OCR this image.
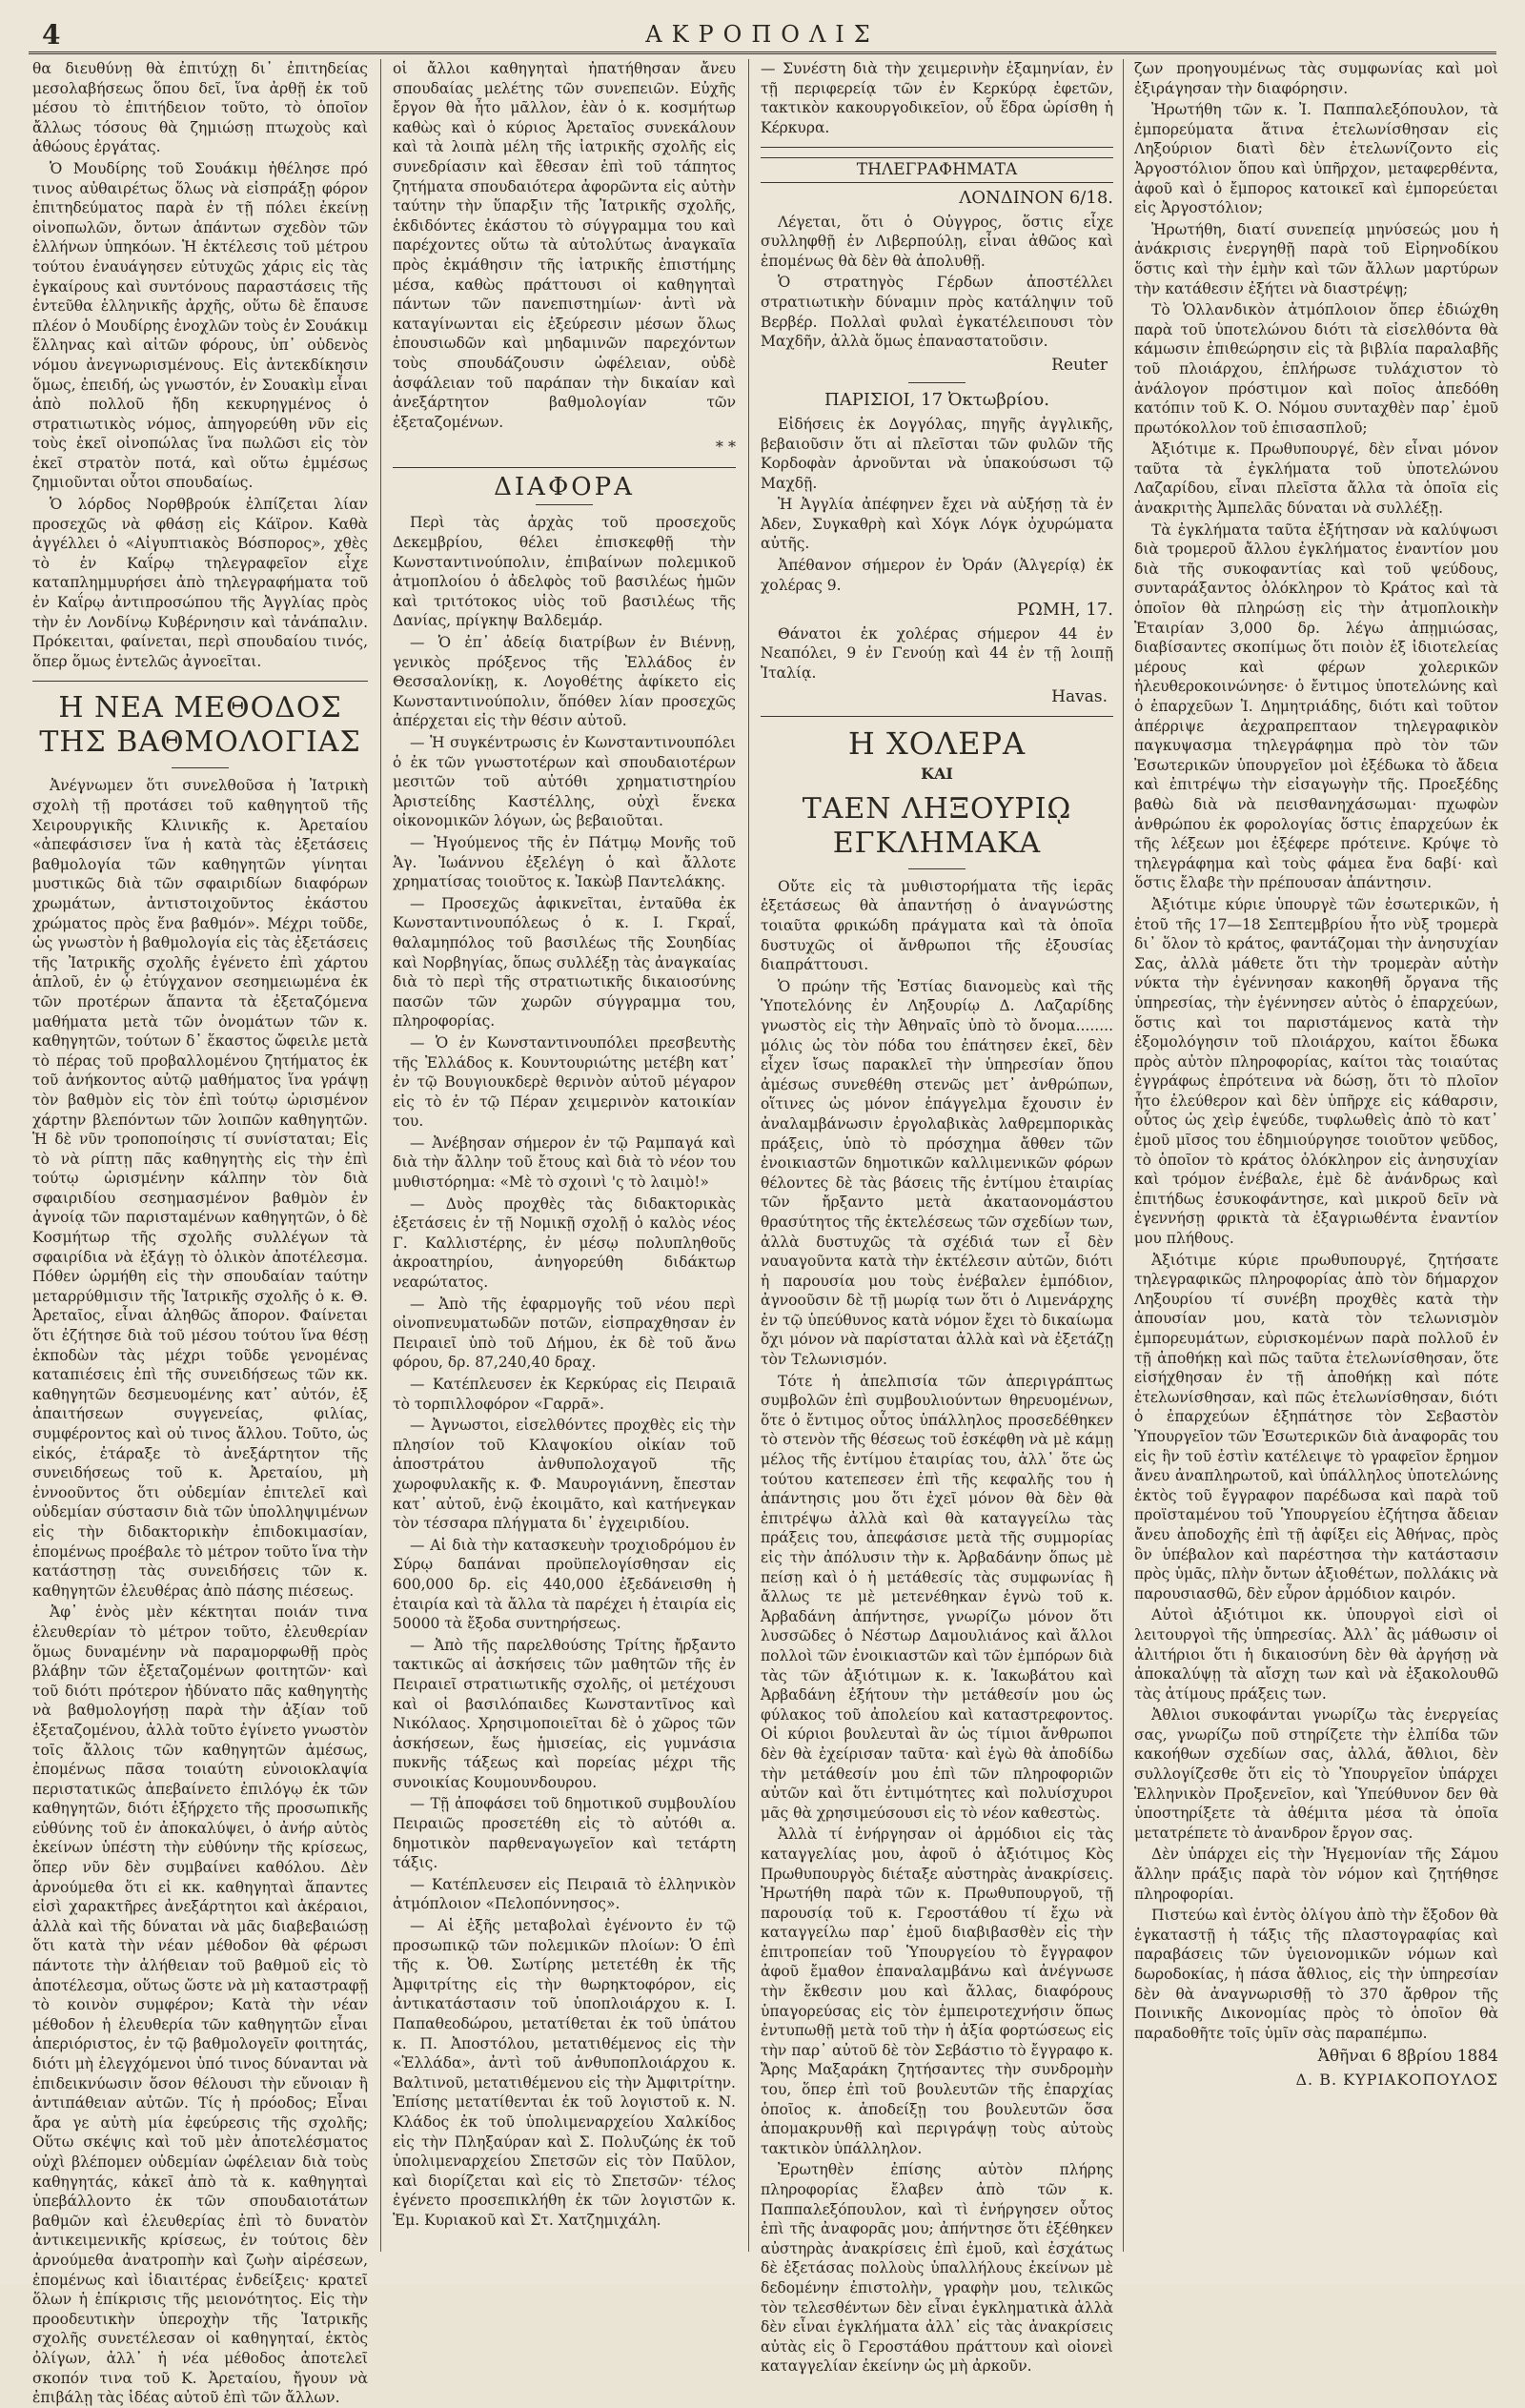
4	ΑΚΡΟΠΟΛΙΣ

θα διευθύνῃ θὰ ἐπιτύχῃ δι᾽ ἐπιτηδείας μεσολαβήσεως ὅπου δεῖ, ἵνα ἀρθῇ ἐκ τοῦ μέσου τὸ ἐπιτήδειον τοῦτο, τὸ ὁποῖον ἄλλως τόσους θὰ ζημιώσῃ πτωχοὺς καὶ ἀθώους ἐργάτας.

Ὁ Μουδίρης τοῦ Σουάκιμ ἠθέλησε πρό τινος αὐθαιρέτως ὅλως νὰ εἰσπράξῃ φόρον ἐπιτηδεύματος παρὰ ἐν τῇ πόλει ἐκείνῃ οἰνοπωλῶν, ὄντων ἁπάντων σχεδὸν τῶν ἑλλήνων ὑπηκόων. Ἡ ἐκτέλεσις τοῦ μέτρου τούτου ἐναυάγησεν εὐτυχῶς χάρις εἰς τὰς ἐγκαίρους καὶ συντόνους παραστάσεις τῆς ἐντεῦθα ἑλληνικῆς ἀρχῆς, οὕτω δὲ ἔπαυσε πλέον ὁ Μουδίρης ἐνοχλῶν τοὺς ἐν Σουάκιμ ἕλληνας καὶ αἰτῶν φόρους, ὑπ᾽ οὐδενὸς νόμου ἀνεγνωρισμένους. Εἰς ἀντεκδίκησιν ὅμως, ἐπειδή, ὡς γνωστόν, ἐν Σουακὶμ εἶναι ἀπὸ πολλοῦ ἤδη κεκυρηγμένος ὁ στρατιωτικὸς νόμος, ἀπηγορεύθη νῦν εἰς τοὺς ἐκεῖ οἰνοπώλας ἵνα πωλῶσι εἰς τὸν ἐκεῖ στρατὸν ποτά, καὶ οὕτω ἐμμέσως ζημιοῦνται οὗτοι σπουδαίως.

Ὁ λόρδος Νορθβρούκ ἐλπίζεται λίαν προσεχῶς νὰ φθάσῃ εἰς Κάϊρον. Καθὰ ἀγγέλλει ὁ «Αἰγυπτιακὸς Βόσπορος», χθὲς τὸ ἐν Καΐρῳ τηλεγραφεῖον εἶχε καταπλημμυρήσει ἀπὸ τηλεγραφήματα τοῦ ἐν Καΐρῳ ἀντιπροσώπου τῆς Ἀγγλίας πρὸς τὴν ἐν Λονδίνῳ Κυβέρνησιν καὶ τἀνάπαλιν. Πρόκειται, φαίνεται, περὶ σπουδαίου τινός, ὅπερ ὅμως ἐντελῶς ἀγνοεῖται.

Η ΝΕΑ ΜΕΘΟΔΟΣ ΤΗΣ ΒΑΘΜΟΛΟΓΙΑΣ

Ἀνέγνωμεν ὅτι συνελθοῦσα ἡ Ἰατρικὴ σχολὴ τῇ προτάσει τοῦ καθηγητοῦ τῆς Χειρουργικῆς Κλινικῆς κ. Ἀρεταίου «ἀπεφάσισεν ἵνα ἡ κατὰ τὰς ἐξετάσεις βαθμολογία τῶν καθηγητῶν γίνηται μυστικῶς διὰ τῶν σφαιριδίων διαφόρων χρωμάτων, ἀντιστοιχοῦντος ἑκάστου χρώματος πρὸς ἕνα βαθμόν». Μέχρι τοῦδε, ὡς γνωστὸν ἡ βαθμολογία εἰς τὰς ἐξετάσεις τῆς Ἰατρικῆς σχολῆς ἐγένετο ἐπὶ χάρτου ἁπλοῦ, ἐν ᾧ ἐτύγχανον σεσημειωμένα ἐκ τῶν προτέρων ἅπαντα τὰ ἐξεταζόμενα μαθήματα μετὰ τῶν ὀνομάτων τῶν κ. καθηγητῶν, τούτων δ᾽ ἕκαστος ὤφειλε μετὰ τὸ πέρας τοῦ προβαλλομένου ζητήματος ἐκ τοῦ ἀνήκοντος αὐτῷ μαθήματος ἵνα γράψῃ τὸν βαθμὸν εἰς τὸν ἐπὶ τούτῳ ὡρισμένον χάρτην βλεπόντων τῶν λοιπῶν καθηγητῶν. Ἡ δὲ νῦν τροποποίησις τί συνίσταται; Εἰς τὸ νὰ ρίπτῃ πᾶς καθηγητὴς εἰς τὴν ἐπὶ τούτῳ ὡρισμένην κάλπην τὸν διὰ σφαιριδίου σεσημασμένον βαθμὸν ἐν ἀγνοίᾳ τῶν παρισταμένων καθηγητῶν, ὁ δὲ Κοσμήτωρ τῆς σχολῆς συλλέγων τὰ σφαιρίδια νὰ ἐξάγῃ τὸ ὁλικὸν ἀποτέλεσμα. Πόθεν ὡρμήθη εἰς τὴν σπουδαίαν ταύτην μεταρρύθμισιν τῆς Ἰατρικῆς σχολῆς ὁ κ. Θ. Ἀρεταῖος, εἶναι ἀληθῶς ἄπορον. Φαίνεται ὅτι ἐζήτησε διὰ τοῦ μέσου τούτου ἵνα θέσῃ ἐκποδὼν τὰς μέχρι τοῦδε γενομένας καταπιέσεις ἐπὶ τῆς συνειδήσεως τῶν κκ. καθηγητῶν δεσμευομένης κατ᾽ αὐτόν, ἐξ ἀπαιτήσεων συγγενείας, φιλίας, συμφέροντος καὶ οὐ τινος ἄλλου. Τοῦτο, ὡς εἰκός, ἐτάραξε τὸ ἀνεξάρτητον τῆς συνειδήσεως τοῦ κ. Ἀρεταίου, μὴ ἐννοοῦντος ὅτι οὐδεμίαν ἐπιτελεῖ καὶ οὐδεμίαν σύστασιν διὰ τῶν ὑπολληψιμένων εἰς τὴν διδακτορικὴν ἐπιδοκιμασίαν, ἐπομένως προέβαλε τὸ μέτρον τοῦτο ἵνα τὴν κατάστησῃ τὰς συνειδήσεις τῶν κ. καθηγητῶν ἐλευθέρας ἀπὸ πάσης πιέσεως.

Ἀφ᾽ ἑνὸς μὲν κέκτηται ποιάν τινα ἐλευθερίαν τὸ μέτρον τοῦτο, ἐλευθερίαν ὅμως δυναμένην νὰ παραμορφωθῇ πρὸς βλάβην τῶν ἐξεταζομένων φοιτητῶν· καὶ τοῦ διότι πρότερον ἠδύνατο πᾶς καθηγητὴς νὰ βαθμολογήσῃ παρὰ τὴν ἀξίαν τοῦ ἐξεταζομένου, ἀλλὰ τοῦτο ἐγίνετο γνωστὸν τοῖς ἄλλοις τῶν καθηγητῶν ἀμέσως, ἐπομένως πᾶσα τοιαύτη εὐνοιοκλαψία περιστατικῶς ἀπεβαίνετο ἐπιλόγῳ ἐκ τῶν καθηγητῶν, διότι ἐξήρχετο τῆς προσωπικῆς εὐθύνης τοῦ ἐν ἀποκαλύψει, ὁ ἀνήρ αὐτὸς ἐκείνων ὑπέστη τὴν εὐθύνην τῆς κρίσεως, ὅπερ νῦν δὲν συμβαίνει καθόλου. Δὲν ἀρνούμεθα ὅτι εἰ κκ. καθηγηταὶ ἅπαντες εἰσὶ χαρακτῆρες ἀνεξάρτητοι καὶ ἀκέραιοι, ἀλλὰ καὶ τῆς δύναται νὰ μᾶς διαβεβαιώσῃ ὅτι κατὰ τὴν νέαν μέθοδον θὰ φέρωσι πάντοτε τὴν ἀλήθειαν τοῦ βαθμοῦ εἰς τὸ ἀποτέλεσμα, οὕτως ὥστε νὰ μὴ καταστραφῇ τὸ κοινὸν συμφέρον; Κατὰ τὴν νέαν μέθοδον ἡ ἐλευθερία τῶν καθηγητῶν εἶναι ἀπεριόριστος, ἐν τῷ βαθμολογεῖν φοιτητάς, διότι μὴ ἐλεγχόμενοι ὑπό τινος δύνανται νὰ ἐπιδεικνύωσιν ὅσον θέλουσι τὴν εὔνοιαν ἢ ἀντιπάθειαν αὐτῶν. Τίς ἡ πρόοδος; Εἶναι ἄρα γε αὐτὴ μία ἐφεύρεσις τῆς σχολῆς; Οὕτω σκέψις καὶ τοῦ μὲν ἀποτελέσματος οὐχὶ βλέπομεν οὐδεμίαν ὠφέλειαν διὰ τοὺς καθηγητάς, κἀκεῖ ἀπὸ τὰ κ. καθηγηταὶ ὑπεβάλλοντο ἐκ τῶν σπουδαιοτάτων βαθμῶν καὶ ἐλευθερίας ἐπὶ τὸ δυνατὸν ἀντικειμενικῆς κρίσεως, ἐν τούτοις δὲν ἀρνούμεθα ἀνατροπὴν καὶ ζωὴν αἱρέσεων, ἐπομένως καὶ ἰδιαιτέρας ἐνδείξεις· κρατεῖ ὅλων ἡ ἐπίκρισις τῆς μειονότητος. Εἰς τὴν προοδευτικὴν ὑπεροχὴν τῆς Ἰατρικῆς σχολῆς συνετέλεσαν οἱ καθηγηταί, ἐκτὸς ὀλίγων, ἀλλ᾽ ἡ νέα μέθοδος ἀποτελεῖ σκοπόν τινα τοῦ Κ. Ἀρεταίου, ἤγουν νὰ ἐπιβάλῃ τὰς ἰδέας αὐτοῦ ἐπὶ τῶν ἄλλων.

οἱ ἄλλοι καθηγηταὶ ἠπατήθησαν ἄνευ σπουδαίας μελέτης τῶν συνεπειῶν. Εὐχῆς ἔργον θὰ ἦτο μᾶλλον, ἐὰν ὁ κ. κοσμήτωρ καθὼς καὶ ὁ κύριος Ἀρεταῖος συνεκάλουν καὶ τὰ λοιπὰ μέλη τῆς ἰατρικῆς σχολῆς εἰς συνεδρίασιν καὶ ἔθεσαν ἐπὶ τοῦ τάπητος ζητήματα σπουδαιότερα ἀφορῶντα εἰς αὐτὴν ταύτην τὴν ὕπαρξιν τῆς Ἰατρικῆς σχολῆς, ἐκδιδόντες ἐκάστου τὸ σύγγραμμα του καὶ παρέχοντες οὕτω τὰ αὐτολύτως ἀναγκαῖα πρὸς ἐκμάθησιν τῆς ἰατρικῆς ἐπιστήμης μέσα, καθὼς πράττουσι οἱ καθηγηταὶ πάντων τῶν πανεπιστημίων· ἀντὶ νὰ καταγίνωνται εἰς ἐξεύρεσιν μέσων ὅλως ἐπουσιωδῶν καὶ μηδαμινῶν παρεχόντων τοὺς σπουδάζουσιν ὠφέλειαν, οὐδὲ ἀσφάλειαν τοῦ παράπαν τὴν δικαίαν καὶ ἀνεξάρτητον βαθμολογίαν τῶν ἐξεταζομένων.

* *
ΔΙΑΦΟΡΑ

Περὶ τὰς ἀρχὰς τοῦ προσεχοῦς Δεκεμβρίου, θέλει ἐπισκεφθῇ τὴν Κωνσταντινούπολιν, ἐπιβαίνων πολεμικοῦ ἀτμοπλοίου ὁ ἀδελφὸς τοῦ βασιλέως ἡμῶν καὶ τριτότοκος υἱὸς τοῦ βασιλέως τῆς Δανίας, πρίγκηψ Βαλδεμάρ.

— Ὁ ἐπ᾽ ἀδείᾳ διατρίβων ἐν Βιέννῃ, γενικὸς πρόξενος τῆς Ἑλλάδος ἐν Θεσσαλονίκῃ, κ. Λογοθέτης ἀφίκετο εἰς Κωνσταντινούπολιν, ὅπόθεν λίαν προσεχῶς ἀπέρχεται εἰς τὴν θέσιν αὐτοῦ.

— Ἡ συγκέντρωσις ἐν Κωνσταντινουπόλει ὁ ἐκ τῶν γνωστοτέρων καὶ σπουδαιοτέρων μεσιτῶν τοῦ αὐτόθι χρηματιστηρίου Ἀριστείδης Καστέλλης, οὐχὶ ἕνεκα οἰκονομικῶν λόγων, ὡς βεβαιοῦται.

— Ἡγούμενος τῆς ἐν Πάτμῳ Μονῆς τοῦ Ἁγ. Ἰωάννου ἐξελέγη ὁ καὶ ἄλλοτε χρηματίσας τοιοῦτος κ. Ἰακὼβ Παντελάκης.

— Προσεχῶς ἀφικνεῖται, ἐνταῦθα ἐκ Κωνσταντινουπόλεως ὁ κ. Ι. Γκραΐ, θαλαμηπόλος τοῦ βασιλέως τῆς Σουηδίας καὶ Νορβηγίας, ὅπως συλλέξῃ τὰς ἀναγκαίας διὰ τὸ περὶ τῆς στρατιωτικῆς δικαιοσύνης πασῶν τῶν χωρῶν σύγγραμμα του, πληροφορίας.

— Ὁ ἐν Κωνσταντινουπόλει πρεσβευτὴς τῆς Ἑλλάδος κ. Κουντουριώτης μετέβη κατ᾽ ἐν τῷ Βουγιουκδερὲ θερινὸν αὐτοῦ μέγαρον εἰς τὸ ἐν τῷ Πέραν χειμερινὸν κατοικίαν του.

— Ἀνέβησαν σήμερον ἐν τῷ Ραμπαγά καὶ διὰ τὴν ἄλλην τοῦ ἔτους καὶ διὰ τὸ νέον του μυθιστόρημα: «Μὲ τὸ σχοινὶ 'ς τὸ λαιμὸ!»

— Δυὸς προχθὲς τὰς διδακτορικὰς ἐξετάσεις ἐν τῇ Νομικῇ σχολῇ ὁ καλὸς νέος Γ. Καλλιστέρης, ἐν μέσῳ πολυπληθοῦς ἀκροατηρίου, ἀνηγορεύθη διδάκτωρ νεαρώτατος.

— Ἀπὸ τῆς ἐφαρμογῆς τοῦ νέου περὶ οἰνοπνευματωδῶν ποτῶν, εἰσπραχθησαν ἐν Πειραιεῖ ὑπὸ τοῦ Δήμου, ἐκ δὲ τοῦ ἄνω φόρου, δρ. 87,240,40 δραχ.

— Κατέπλευσεν ἐκ Κερκύρας εἰς Πειραιᾶ τὸ τορπιλλοφόρον «Γαρρᾶ».

— Ἀγνωστοι, εἰσελθόντες προχθὲς εἰς τὴν πλησίον τοῦ Κλαψοκίου οἰκίαν τοῦ ἀποστράτου ἀνθυπολοχαγοῦ τῆς χωροφυλακῆς κ. Φ. Μαυρογιάννη, ἔπεσταν κατ᾽ αὐτοῦ, ἐνῷ ἐκοιμᾶτο, καὶ κατήνεγκαν τὸν τέσσαρα πλήγματα δι᾽ ἐγχειριδίου.

— Αἱ διὰ τὴν κατασκευὴν τροχιοδρόμου ἐν Σύρῳ δαπάναι προϋπελογίσθησαν εἰς 600,000 δρ. εἰς 440,000 ἐξεδάνεισθη ἡ ἐταιρία καὶ τὰ ἄλλα τὰ παρέχει ἡ ἐταιρία εἰς 50000 τὰ ἔξοδα συντηρήσεως.

— Ἀπὸ τῆς παρελθούσης Τρίτης ἤρξαντο τακτικῶς αἱ ἀσκήσεις τῶν μαθητῶν τῆς ἐν Πειραιεῖ στρατιωτικῆς σχολῆς, οἱ μετέχουσι καὶ οἱ βασιλόπαιδες Κωνσταντῖνος καὶ Νικόλαος. Χρησιμοποιεῖται δὲ ὁ χῶρος τῶν ἀσκήσεων, ἕως ἡμισείας, εἰς γυμνάσια πυκνῆς τάξεως καὶ πορείας μέχρι τῆς συνοικίας Κουμουνδουρου.

— Τῇ ἀποφάσει τοῦ δημοτικοῦ συμβουλίου Πειραιῶς προσετέθη εἰς τὸ αὐτόθι α. δημοτικὸν παρθεναγωγεῖον καὶ τετάρτη τάξις.

— Κατέπλευσεν εἰς Πειραιᾶ τὸ ἑλληνικὸν ἀτμόπλοιον «Πελοπόννησος».

— Αἱ ἑξῆς μεταβολαὶ ἐγένοντο ἐν τῷ προσωπικῷ τῶν πολεμικῶν πλοίων: Ὁ ἐπὶ τῆς κ. Ὀθ. Σωτίρης μετετέθη ἐκ τῆς Ἀμφιτρίτης εἰς τὴν θωρηκτοφόρον, εἰς ἀντικατάστασιν τοῦ ὑποπλοιάρχου κ. Ι. Παπαθεοδώρου, μετατίθεται ἐκ τοῦ ὑπάτου κ. Π. Ἀποστόλου, μετατιθέμενος εἰς τὴν «Ἑλλάδα», ἀντὶ τοῦ ἀνθυποπλοιάρχου κ. Βαλτινοῦ, μετατιθέμενου εἰς τὴν Ἀμφιτρίτην. Ἐπίσης μετατίθενται ἐκ τοῦ λογιστοῦ κ. Ν. Κλάδος ἐκ τοῦ ὑπολιμεναρχείου Χαλκίδος εἰς τὴν Πληξαύραν καὶ Σ. Πολυζώης ἐκ τοῦ ὑπολιμεναρχείου Σπετσῶν εἰς τὸν Παῦλον, καὶ διορίζεται καὶ εἰς τὸ Σπετσῶν· τέλος ἐγένετο προσεπικλήθη ἐκ τῶν λογιστῶν κ. Ἐμ. Κυριακοῦ καὶ Στ. Χατζημιχάλη.

— Συνέστη διὰ τὴν χειμερινὴν ἑξαμηνίαν, ἐν τῇ περιφερείᾳ τῶν ἐν Κερκύρᾳ ἐφετῶν, τακτικὸν κακουργοδικεῖον, οὗ ἕδρα ὡρίσθη ἡ Κέρκυρα.

ΤΗΛΕΓΡΑΦΗΜΑΤΑ
ΛΟΝΔΙΝΟΝ 6/18.

Λέγεται, ὅτι ὁ Οὐγγρος, ὅστις εἶχε συλληφθῇ ἐν Λιβερπούλῃ, εἶναι ἀθῶος καὶ ἐπομένως θὰ δὲν θὰ ἀπολυθῇ.

Ὁ στρατηγὸς Γέρδων ἀποστέλλει στρατιωτικὴν δύναμιν πρὸς κατάληψιν τοῦ Βερβέρ. Πολλαὶ φυλαὶ ἐγκατέλειπουσι τὸν Μαχδῆν, ἀλλὰ ὅμως ἐπαναστατοῦσιν.

Reuter
ΠΑΡΙΣΙΟΙ, 17 Ὀκτωβρίου.

Εἰδήσεις ἐκ Δογγόλας, πηγῆς ἀγγλικῆς, βεβαιοῦσιν ὅτι αἱ πλεῖσται τῶν φυλῶν τῆς Κορδοφὰν ἀρνοῦνται νὰ ὑπακούσωσι τῷ Μαχδῇ.

Ἡ Ἀγγλία ἀπέφηνεν ἔχει νὰ αὐξήσῃ τὰ ἐν Ἀδεν, Συγκαθρὴ καὶ Χόγκ Λόγκ ὀχυρώματα αὐτῆς.

Ἀπέθανον σήμερον ἐν Ὀράν (Ἀλγερίᾳ) ἐκ χολέρας 9.

ΡΩΜΗ, 17.

Θάνατοι ἐκ χολέρας σήμερον 44 ἐν Νεαπόλει, 9 ἐν Γενούῃ καὶ 44 ἐν τῇ λοιπῇ Ἰταλίᾳ.

Havas.
Η ΧΟΛΕΡΑ
ΚΑΙ
ΤΑΕΝ ΛΗΞΟΥΡΙῼ ΕΓΚΛΗΜΑΚΑ

Οὔτε εἰς τὰ μυθιστορήματα τῆς ἱερᾶς ἐξετάσεως θὰ ἀπαντήσῃ ὁ ἀναγνώστης τοιαῦτα φρικώδη πράγματα καὶ τὰ ὁποῖα δυστυχῶς οἱ ἄνθρωποι τῆς ἐξουσίας διαπράττουσι.

Ὁ πρώην τῆς Ἑστίας διανομεὺς καὶ τῆς Ὑποτελόνης ἐν Ληξουρίῳ Δ. Λαζαρίδης γνωστὸς εἰς τὴν Ἀθηναῖς ὑπὸ τὸ ὄνομα........ μόλις ὡς τὸν πόδα του ἐπάτησεν ἐκεῖ, δὲν εἶχεν ἴσως παρακλεῖ τὴν ὑπηρεσίαν ὅπου ἀμέσως συνεθέθη στενῶς μετ᾽ ἀνθρώπων, οἵτινες ὡς μόνον ἐπάγγελμα ἔχουσιν ἐν ἀναλαμβάνωσιν ἐργολαβικὰς λαθρεμπορικὰς πράξεις, ὑπὸ τὸ πρόσχημα ἄθθεν τῶν ἐνοικιαστῶν δημοτικῶν καλλιμενικῶν φόρων θέλοντες δὲ τὰς βάσεις τῆς ἐντίμου ἑταιρίας τῶν ἤρξαντο μετὰ ἀκαταονομάστου θρασύτητος τῆς ἐκτελέσεως τῶν σχεδίων των, ἀλλὰ δυστυχῶς τὰ σχέδιά των εἶ δὲν ναυαγοῦντα κατὰ τὴν ἐκτέλεσιν αὐτῶν, διότι ἡ παρουσία μου τοὺς ἐνέβαλεν ἐμπόδιον, ἀγνοοῦσιν δὲ τῇ μωρίᾳ των ὅτι ὁ Λιμενάρχης ἐν τῷ ὑπεύθυνος κατὰ νόμον ἔχει τὸ δικαίωμα ὄχι μόνον νὰ παρίσταται ἀλλὰ καὶ νὰ ἐξετάζῃ τὸν Τελωνισμόν.

Τότε ἡ ἀπελπισία τῶν ἀπεριγράπτως συμβολῶν ἐπὶ συμβουλιούντων θηρευομένων, ὅτε ὁ ἔντιμος οὗτος ὑπάλληλος προσεδέθηκεν τὸ στενὸν τῆς θέσεως τοῦ ἐσκέφθη νὰ μὲ κάμῃ μέλος τῆς ἐντίμου ἑταιρίας του, ἀλλ᾽ ὅτε ὡς τούτου κατεπεσεν ἐπὶ τῆς κεφαλῆς του ἡ ἀπάντησις μου ὅτι ἐχεῖ μόνον θὰ δὲν θὰ ἐπιτρέψω ἀλλὰ καὶ θὰ καταγγείλω τὰς πράξεις του, ἀπεφάσισε μετὰ τῆς συμμορίας εἰς τὴν ἀπόλυσιν τὴν κ. Ἀρβαδάνην ὅπως μὲ πείσῃ καὶ ὁ ἡ μετάθεσίς τὰς συμφωνίας ἢ ἄλλως τε μὲ μετενέθηκαν ἐγνὼ τοῦ κ. Ἀρβαδάνη ἀπήντησε, γνωρίζω μόνον ὅτι λυσσῶδες ὁ Νέστωρ Δαμουλιάνος καὶ ἄλλοι πολλοὶ τῶν ἐνοικιαστῶν καὶ τῶν ἐμπόρων διὰ τὰς τῶν ἀξιότιμων κ. κ. Ἰακωβάτου καὶ Ἀρβαδάνη ἐξήτουν τὴν μετάθεσίν μου ὡς φύλακος τοῦ ἀπολείου καὶ καταστρεφοντος. Οἱ κύριοι βουλευταὶ ἂν ὡς τίμιοι ἄνθρωποι δὲν θὰ ἐχείρισαν ταῦτα· καὶ ἐγὼ θὰ ἀποδίδω τὴν μετάθεσίν μου ἐπὶ τῶν πληροφοριῶν αὐτῶν καὶ ὅτι ἐντιμότητες καὶ πολυίσχυροι μᾶς θὰ χρησιμεύσουσι εἰς τὸ νέον καθεστὼς.

Ἀλλὰ τί ἐνήργησαν οἱ ἁρμόδιοι εἰς τὰς καταγγελίας μου, ἀφοῦ ὁ ἀξιότιμος Κὸς Πρωθυπουργὸς διέταξε αὐστηρὰς ἀνακρίσεις. Ἠρωτήθη παρὰ τῶν κ. Πρωθυπουργοῦ, τῇ παρουσίᾳ τοῦ κ. Γεροστάθου τί ἔχω νὰ καταγγείλω παρ᾽ ἐμοῦ διαβιβασθὲν εἰς τὴν ἐπιτροπείαν τοῦ Ὑπουργείου τὸ ἔγγραφον ἀφοῦ ἔμαθον ἐπαναλαμβάνω καὶ ἀνέγνωσε τὴν ἔκθεσιν μου καὶ ἄλλας, διαφόρους ὑπαγορεύσας εἰς τὸν ἐμπειροτεχνήσιν ὅπως ἐντυπωθῇ μετὰ τοῦ τὴν ἡ ἀξία φορτώσεως εἰς τὴν παρ᾽ αὐτοῦ δὲ τὸν Σεβάστιο τὸ ἔγγραφο κ. Ἄρης Μαξαράκη ζητήσαντες τὴν συνδρομὴν του, ὅπερ ἐπὶ τοῦ βουλευτῶν τῆς ἐπαρχίας ὁποῖος κ. ἀποδείξῃ του βουλευτῶν ὅσα ἀπομακρυνθῇ καὶ περιγράψῃ τοὺς αὐτοὺς τακτικὸν ὑπάλληλον.

Ἐρωτηθὲν ἐπίσης αὐτὸν πλήρης πληροφορίας ἔλαβεν ἀπὸ τῶν κ. Παππαλεξόπουλον, καὶ τὶ ἐνήργησεν οὗτος ἐπὶ τῆς ἀναφορᾶς μου; ἀπήντησε ὅτι ἐξέθηκεν αὐστηρὰς ἀνακρίσεις ἐπὶ ἐμοῦ, καὶ ἐσχάτως δὲ ἐξετάσας πολλοὺς ὑπαλλήλους ἐκείνων μὲ δεδομένην ἐπιστολὴν, γραφὴν μου, τελικῶς τὸν τελεσθέντων δὲν εἶναι ἐγκληματικὰ ἀλλὰ δὲν εἶναι ἐγκλήματα ἀλλ᾽ εἰς τὰς ἀνακρίσεις αὐτὰς εἰς ὃ Γεροστάθου πράττουν καὶ οἰονεὶ καταγγελίαν ἐκείνην ὡς μὴ ἀρκοῦν.

ζων προηγουμένως τὰς συμφωνίας καὶ μοὶ ἐξιράγησαν τὴν διαφόρησιν.

Ἠρωτήθη τῶν κ. Ἰ. Παππαλεξόπουλον, τὰ ἐμπορεύματα ἅτινα ἐτελωνίσθησαν εἰς Ληξούριον διατὶ δὲν ἐτελωνίζοντο εἰς Ἀργοστόλιον ὅπου καὶ ὑπῆρχον, μεταφερθέντα, ἀφοῦ καὶ ὁ ἔμπορος κατοικεῖ καὶ ἐμπορεύεται εἰς Ἀργοστόλιον;

Ἠρωτήθη, διατί συνεπείᾳ μηνύσεώς μου ἡ ἀνάκρισις ἐνεργηθῇ παρὰ τοῦ Εἰρηνοδίκου ὅστις καὶ τὴν ἐμὴν καὶ τῶν ἄλλων μαρτύρων τὴν κατάθεσιν ἐξήτει νὰ διαστρέψῃ;

Τὸ Ὁλλανδικὸν ἀτμόπλοιον ὅπερ ἐδιώχθη παρὰ τοῦ ὑποτελώνου διότι τὰ εἰσελθόντα θὰ κάμωσιν ἐπιθεώρησιν εἰς τὰ βιβλία παραλαβῆς τοῦ πλοιάρχου, ἐπλήρωσε τυλάχιστον τὸ ἀνάλογον πρόστιμον καὶ ποῖος ἀπεδόθη κατόπιν τοῦ Κ. Ο. Νόμου συνταχθὲν παρ᾽ ἐμοῦ πρωτόκολλον τοῦ ἐπισασπλοῦ;

Ἀξιότιμε κ. Πρωθυπουργέ, δὲν εἶναι μόνον ταῦτα τὰ ἐγκλήματα τοῦ ὑποτελώνου Λαζαρίδου, εἶναι πλεῖστα ἄλλα τὰ ὁποῖα εἰς ἀνακριτὴς Ἀμπελᾶς δύναται νὰ συλλέξῃ.

Τὰ ἐγκλήματα ταῦτα ἐξήτησαν νὰ καλύψωσι διὰ τρομεροῦ ἄλλου ἐγκλήματος ἐναντίον μου διὰ τῆς συκοφαντίας καὶ τοῦ ψεύδους, συνταράξαντος ὁλόκληρον τὸ Κράτος καὶ τὰ ὁποῖον θὰ πληρώσῃ εἰς τὴν ἀτμοπλοικὴν Ἑταιρίαν 3,000 δρ. λέγω ἀπῃμιώσας, διαβίσαντες σκοπίμως ὅτι ποιὸν ἐξ ἰδιοτελείας μέρους καὶ φέρων χολερικῶν ἠλευθεροκοινώνησε· ὁ ἔντιμος ὑποτελώνης καὶ ὁ ἐπαρχεῦων Ἰ. Δημητριάδης, διότι καὶ τοῦτον ἀπέρριψε ἀεχραπρεπταον τηλεγραφικὸν παγκυψασμα τηλεγράφημα πρὸ τὸν τῶν Ἐσωτερικῶν ὑπουργεῖον μοὶ ἐξέδωκα τὸ ἄδεια καὶ ἐπιτρέψω τὴν εἰσαγωγὴν τῆς. Προεξέδης βαθὼ διὰ νὰ πεισθανηχάσωμαι· πχωφὼν ἀνθρώπου ἐκ φορολογίας ὅστις ἐπαρχεύων ἐκ τῆς λέξεων μοι ἐξέφερε πρότεινε. Κρύψε τὸ τηλεγράφημα καὶ τοὺς φάμεα ἔνα δαβί· καὶ ὅστις ἔλαβε τὴν πρέπουσαν ἀπάντησιν.

Ἀξιότιμε κύριε ὑπουργὲ τῶν ἐσωτερικῶν, ἡ ἐτοῦ τῆς 17—18 Σεπτεμβρίου ἦτο νὺξ τρομερὰ δι᾽ ὅλον τὸ κράτος, φαντάζομαι τὴν ἀνησυχίαν Σας, ἀλλὰ μάθετε ὅτι τὴν τρομερὰν αὐτὴν νύκτα τὴν ἐγέννησαν κακοηθῆ ὄργανα τῆς ὑπηρεσίας, τὴν ἐγέννησεν αὐτὸς ὁ ἐπαρχεύων, ὅστις καὶ τοι παριστάμενος κατὰ τὴν ἐξομολόγησιν τοῦ πλοιάρχου, καίτοι ἔδωκα πρὸς αὐτὸν πληροφορίας, καίτοι τὰς τοιαύτας ἐγγράφως ἐπρότεινα νὰ δώσῃ, ὅτι τὸ πλοῖον ἦτο ἐλεύθερον καὶ δὲν ὑπῆρχε εἰς κάθαρσιν, οὗτος ὡς χεὶρ ἐψεύδε, τυφλωθεὶς ἀπὸ τὸ κατ᾽ ἐμοῦ μῖσος του ἐδημιούργησε τοιοῦτον ψεῦδος, τὸ ὁποῖον τὸ κράτος ὁλόκληρον εἰς ἀνησυχίαν καὶ τρόμον ἐνέβαλε, ἐμὲ δὲ ἀνάνδρως καὶ ἐπιτήδως ἐσυκοφάντησε, καὶ μικροῦ δεῖν νὰ ἐγεννήσῃ φρικτὰ τὰ ἐξαγριωθέντα ἐναντίον μου πλήθους.

Ἀξιότιμε κύριε πρωθυπουργέ, ζητήσατε τηλεγραφικῶς πληροφορίας ἀπὸ τὸν δήμαρχον Ληξουρίου τί συνέβη προχθὲς κατὰ τὴν ἀπουσίαν μου, κατὰ τὸν τελωνισμὸν ἐμπορευμάτων, εὑρισκομένων παρὰ πολλοῦ ἐν τῇ ἀποθήκῃ καὶ πῶς ταῦτα ἐτελωνίσθησαν, ὅτε εἰσήχθησαν ἐν τῇ ἀποθήκῃ καὶ πότε ἐτελωνίσθησαν, καὶ πῶς ἐτελωνίσθησαν, διότι ὁ ἐπαρχεύων ἐξηπάτησε τὸν Σεβαστὸν Ὑπουργεῖον τῶν Ἐσωτερικῶν διὰ ἀναφορᾶς του εἰς ἣν τοῦ ἐστὶν κατέλειψε τὸ γραφεῖον ἔρημον ἄνευ ἀναπληρωτοῦ, καὶ ὑπάλληλος ὑποτελώνης ἐκτὸς τοῦ ἔγγραφον παρέδωσα καὶ παρὰ τοῦ προϊσταμένου τοῦ Ὑπουργείου ἐζήτησα ἄδειαν ἄνευ ἀποδοχῆς ἐπὶ τῇ ἀφίξει εἰς Ἀθήνας, πρὸς ὃν ὑπέβαλον καὶ παρέστησα τὴν κατάστασιν πρὸς ὑμᾶς, πλὴν ὄντων ἀξιοθέτων, πολλάκις νὰ παρουσιασθῶ, δὲν εὗρον ἁρμόδιον καιρόν.

Αὐτοὶ ἀξιότιμοι κκ. ὑπουργοὶ εἰσὶ οἱ λειτουργοὶ τῆς ὑπηρεσίας. Ἀλλ᾽ ἂς μάθωσιν οἱ ἀλιτήριοι ὅτι ἡ δικαιοσύνη δὲν θὰ ἀργήσῃ νὰ ἀποκαλύψῃ τὰ αἴσχη των καὶ νὰ ἐξακολουθῶ τὰς ἀτίμους πράξεις των.

Ἀθλιοι συκοφάνται γνωρίζω τὰς ἐνεργείας σας, γνωρίζω ποῦ στηρίζετε τὴν ἐλπίδα τῶν κακοήθων σχεδίων σας, ἀλλά, ἄθλιοι, δὲν συλλογίζεσθε ὅτι εἰς τὸ Ὑπουργεῖον ὑπάρχει Ἑλληνικὸν Προξενεῖον, καὶ Ὑπεύθυνον δεν θὰ ὑποστηρίξετε τὰ ἀθέμιτα μέσα τὰ ὁποῖα μετατρέπετε τὸ ἀνανδρον ἔργον σας.

Δὲν ὑπάρχει εἰς τὴν Ἡγεμονίαν τῆς Σάμου ἄλλην πράξις παρὰ τὸν νόμον καὶ ζητήθησε πληροφορίαι.

Πιστεύω καὶ ἐντὸς ὀλίγου ἀπὸ τὴν ἔξοδον θὰ ἐγκαταστῇ ἡ τάξις τῆς πλαστογραφίας καὶ παραβάσεις τῶν ὑγειονομικῶν νόμων καὶ δωροδοκίας, ἡ πάσα ἄθλιος, εἰς τὴν ὑπηρεσίαν δὲν θὰ ἀναγνωρισθῇ τὸ 370 ἄρθρον τῆς Ποινικῆς Δικονομίας πρὸς τὸ ὁποῖον θὰ παραδοθῆτε τοῖς ὑμῖν σὰς παραπέμπω.

Ἀθῆναι 6 8βρίου 1884
Δ. Β. ΚΥΡΙΑΚΟΠΟΥΛΟΣ
